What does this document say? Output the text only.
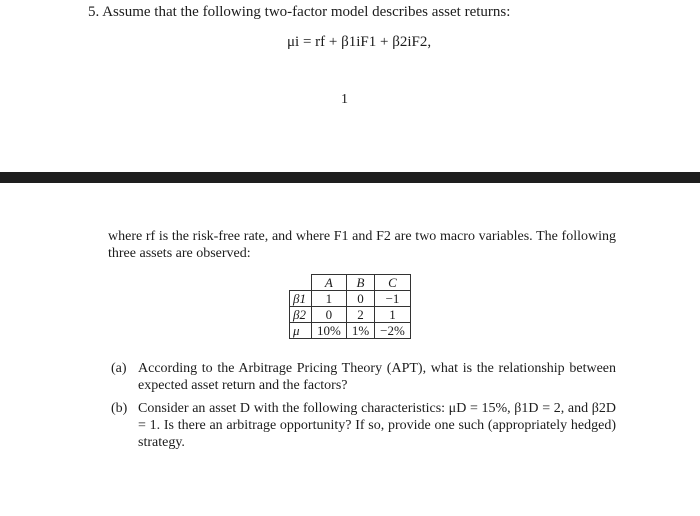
5. Assume that the following two-factor model describes asset returns:
μi = rf + β1iF1 + β2iF2,
1
where rf is the risk-free rate, and where F1 and F2 are two macro variables. The following three assets are observed:
	A	B	C
β1	1	0	−1
β2	0	2	1
μ	10%	1%	−2%
(a) According to the Arbitrage Pricing Theory (APT), what is the relationship between expected asset return and the factors?
(b) Consider an asset D with the following characteristics: μD = 15%, β1D = 2, and β2D = 1. Is there an arbitrage opportunity? If so, provide one such (appropriately hedged) strategy.
